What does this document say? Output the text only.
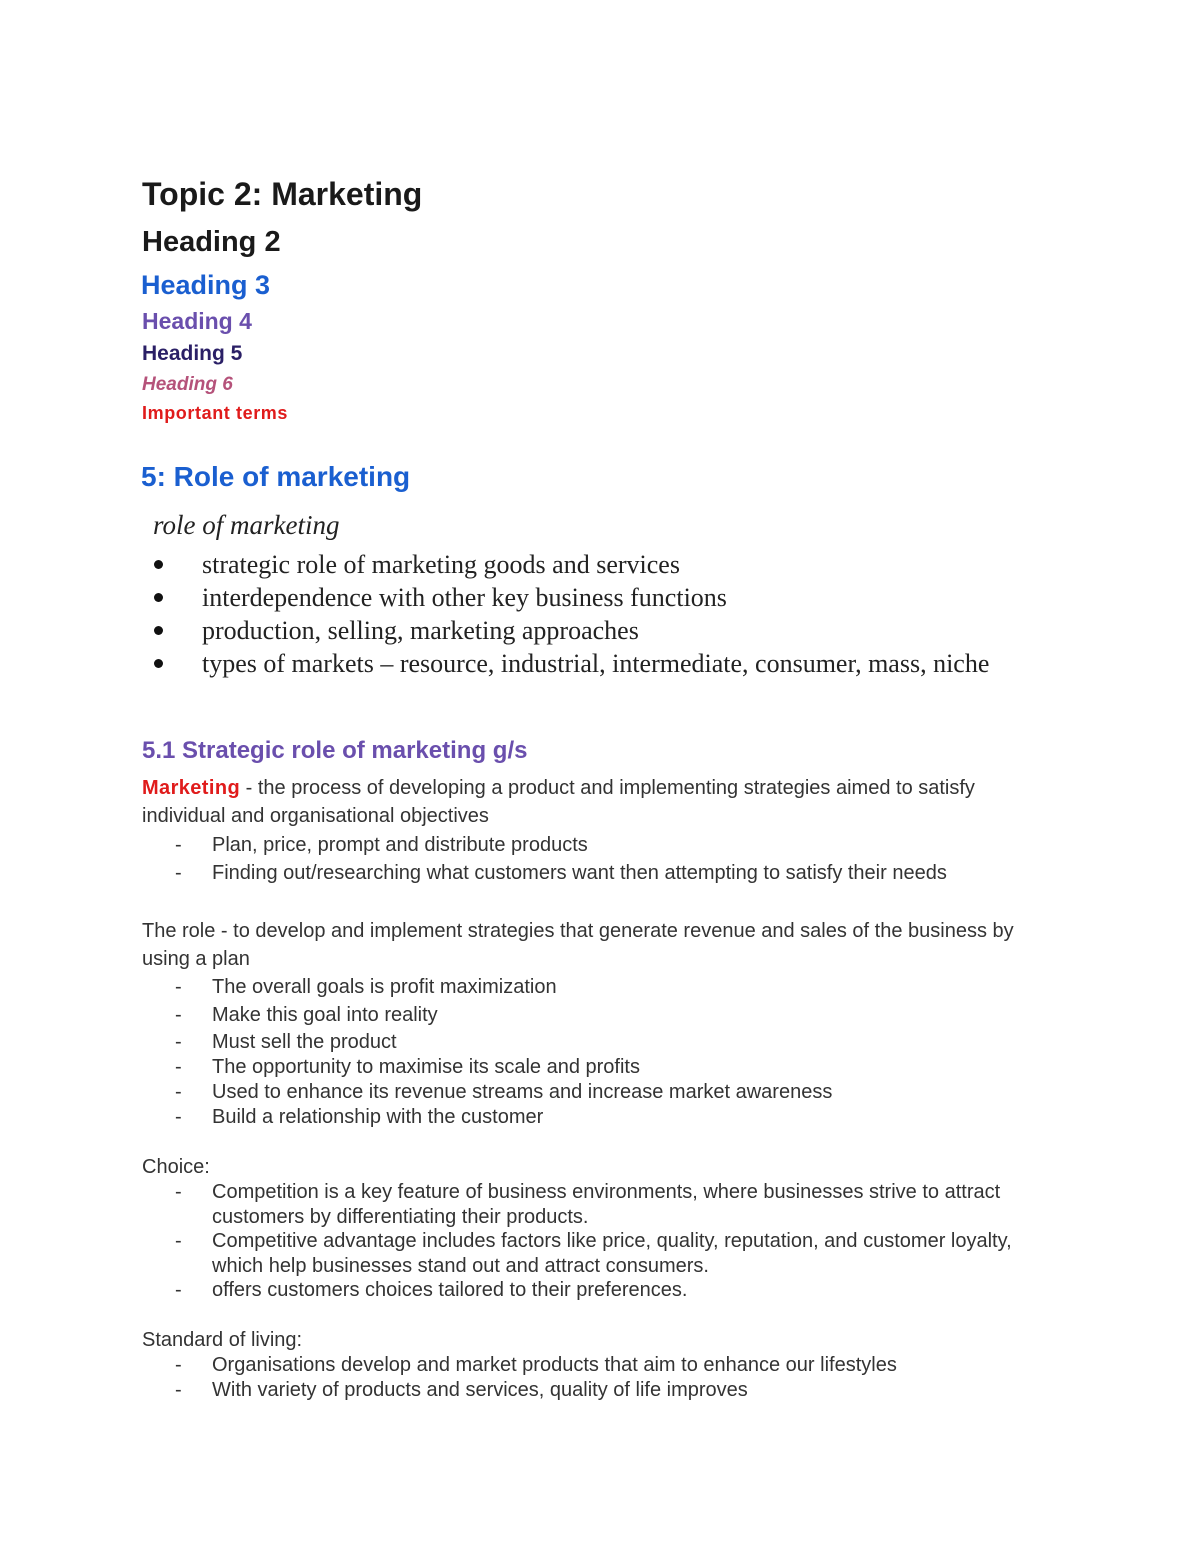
Topic 2: Marketing
Heading 2
Heading 3
Heading 4
Heading 5
Heading 6
Important terms
5: Role of marketing
role of marketing
strategic role of marketing goods and services
interdependence with other key business functions
production, selling, marketing approaches
types of markets – resource, industrial, intermediate, consumer, mass, niche
5.1 Strategic role of marketing g/s
Marketing - the process of developing a product and implementing strategies aimed to satisfy individual and organisational objectives
- Plan, price, prompt and distribute products
- Finding out/researching what customers want then attempting to satisfy their needs
The role - to develop and implement strategies that generate revenue and sales of the business by using a plan
- The overall goals is profit maximization
- Make this goal into reality
- Must sell the product
- The opportunity to maximise its scale and profits
- Used to enhance its revenue streams and increase market awareness
- Build a relationship with the customer
Choice:
- Competition is a key feature of business environments, where businesses strive to attract customers by differentiating their products.
- Competitive advantage includes factors like price, quality, reputation, and customer loyalty, which help businesses stand out and attract consumers.
- offers customers choices tailored to their preferences.
Standard of living:
- Organisations develop and market products that aim to enhance our lifestyles
- With variety of products and services, quality of life improves
